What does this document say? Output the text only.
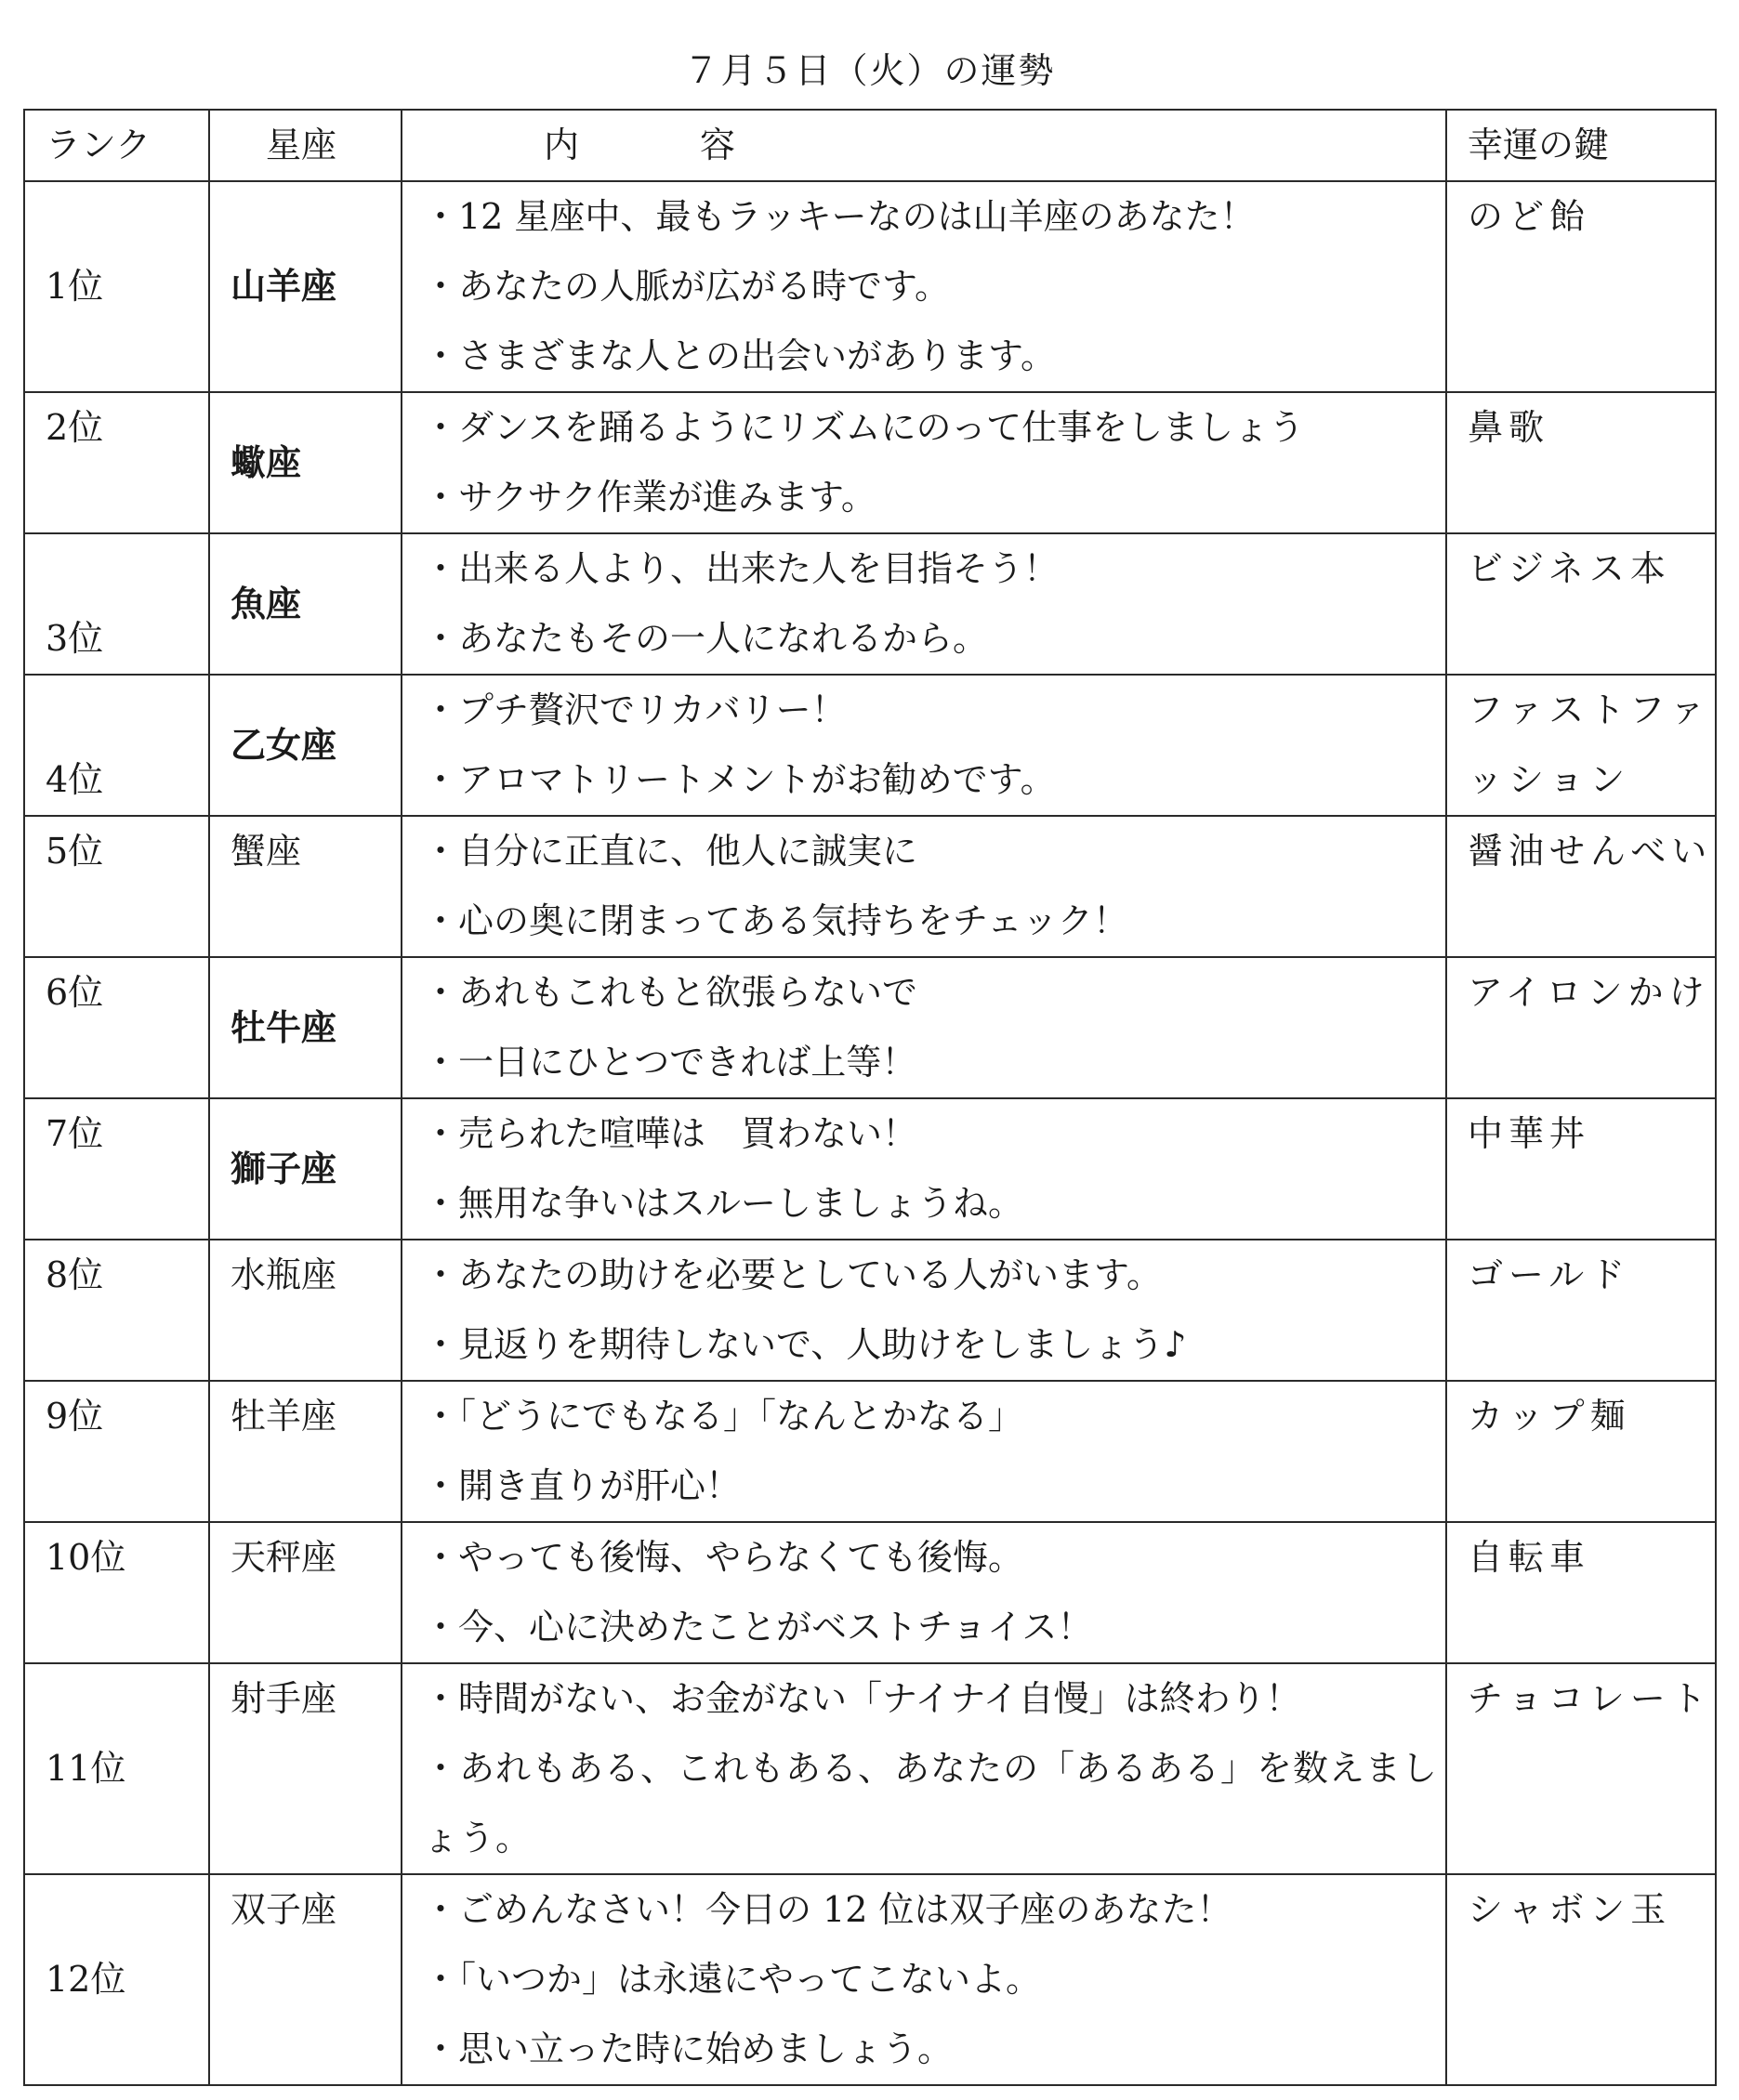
７月５日（火）の運勢
ランク	星座	内容	幸運の鍵
1位	山羊座	・12 星座中、最もラッキーなのは山羊座のあなた！
・あなたの人脈が広がる時です。
・さまざまな人との出会いがあります。	のど飴

2位	蠍座	・ダンスを踊るようにリズムにのって仕事をしましょう
・サクサク作業が進みます。	鼻歌

3位	魚座	・出来る人より、出来た人を目指そう！
・あなたもその一人になれるから。	ビジネス本

4位	乙女座	・プチ贅沢でリカバリー！
・アロマトリートメントがお勧めです。	ファストファッション

5位	蟹座	・自分に正直に、他人に誠実に
・心の奥に閉まってある気持ちをチェック！	醤油せんべい

6位	牡牛座	・あれもこれもと欲張らないで
・一日にひとつできれば上等！	アイロンかけ

7位	獅子座	・売られた喧嘩は　買わない！
・無用な争いはスルーしましょうね。	中華丼

8位	水瓶座	・あなたの助けを必要としている人がいます。
・見返りを期待しないで、人助けをしましょう♪	ゴールド

9位	牡羊座	・「どうにでもなる」「なんとかなる」
・開き直りが肝心！	カップ麺

10位	天秤座	・やっても後悔、やらなくても後悔。
・今、心に決めたことがベストチョイス！	自転車

11位	射手座	・時間がない、お金がない「ナイナイ自慢」は終わり！
・あれもある、これもある、あなたの「あるある」を数えましょう。	チョコレート

12位	双子座	・ごめんなさい！今日の 12 位は双子座のあなた！
・「いつか」は永遠にやってこないよ。
・思い立った時に始めましょう。	シャボン玉
